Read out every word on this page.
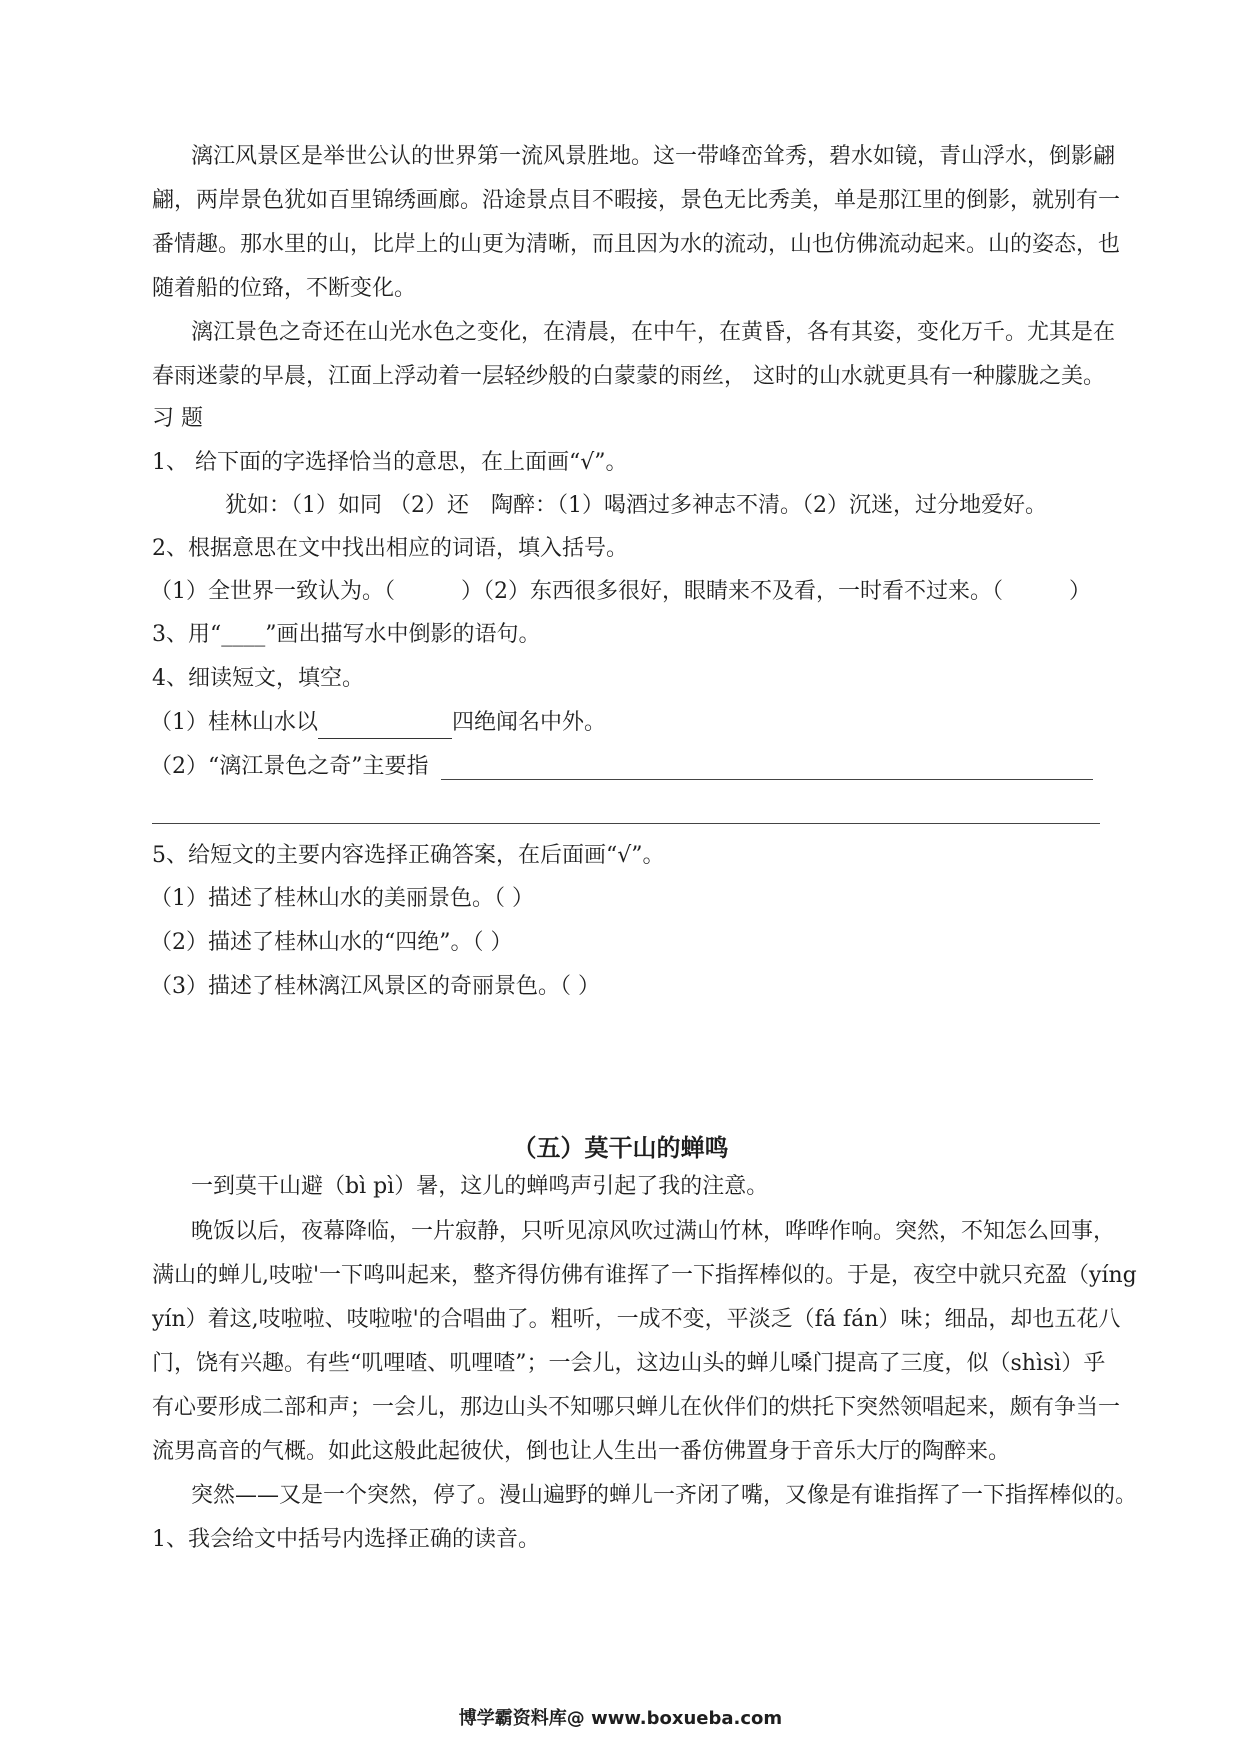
漓江风景区是举世公认的世界第一流风景胜地。这一带峰峦耸秀，碧水如镜，青山浮水，倒影翩
翩，两岸景色犹如百里锦绣画廊。沿途景点目不暇接，景色无比秀美，单是那江里的倒影，就别有一
番情趣。那水里的山，比岸上的山更为清晰，而且因为水的流动，山也仿佛流动起来。山的姿态，也
随着船的位臵，不断变化。
漓江景色之奇还在山光水色之变化，在清晨，在中午，在黄昏，各有其姿，变化万千。尤其是在
春雨迷蒙的早晨，江面上浮动着一层轻纱般的白蒙蒙的雨丝， 这时的山水就更具有一种朦胧之美。
习 题
1、 给下面的字选择恰当的意思，在上面画“√”。
犹如：（1）如同 （2）还　陶醉：（1）喝酒过多神志不清。（2）沉迷，过分地爱好。
2、根据意思在文中找出相应的词语，填入括号。
（1）全世界一致认为。（　　　）（2）东西很多很好，眼睛来不及看，一时看不过来。（　　　）
3、用“____”画出描写水中倒影的语句。
4、细读短文，填空。
（1）桂林山水以	四绝闻名中外。
（2）“漓江景色之奇”主要指
5、给短文的主要内容选择正确答案，在后面画“√”。
（1）描述了桂林山水的美丽景色。（ ）
（2）描述了桂林山水的“四绝”。（ ）
（3）描述了桂林漓江风景区的奇丽景色。（ ）
（五）莫干山的蝉鸣
一到莫干山避（bì pì）暑，这儿的蝉鸣声引起了我的注意。
晚饭以后，夜幕降临，一片寂静，只听见凉风吹过满山竹林，哗哗作响。突然，不知怎么回事，
满山的蝉儿,吱啦'一下鸣叫起来，整齐得仿佛有谁挥了一下指挥棒似的。于是，夜空中就只充盈（yíng
yín）着这,吱啦啦、吱啦啦'的合唱曲了。粗听，一成不变，平淡乏（fá fán）味；细品，却也五花八
门，饶有兴趣。有些“叽哩喳、叽哩喳”；一会儿，这边山头的蝉儿嗓门提高了三度，似（shìsì）乎
有心要形成二部和声；一会儿，那边山头不知哪只蝉儿在伙伴们的烘托下突然领唱起来，颇有争当一
流男高音的气概。如此这般此起彼伏，倒也让人生出一番仿佛置身于音乐大厅的陶醉来。
突然——又是一个突然，停了。漫山遍野的蝉儿一齐闭了嘴，又像是有谁指挥了一下指挥棒似的。
1、我会给文中括号内选择正确的读音。
博学霸资料库@ www.boxueba.com
